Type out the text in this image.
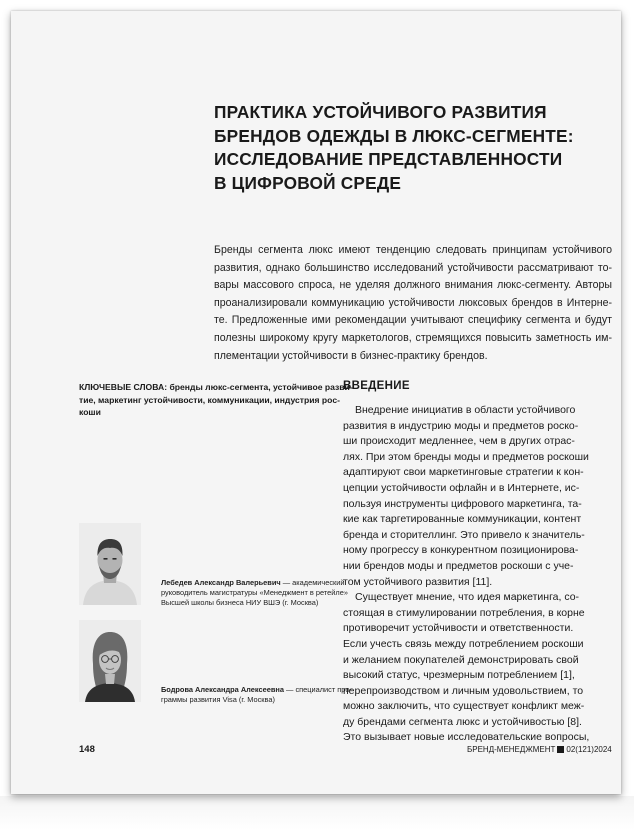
ПРАКТИКА УСТОЙЧИВОГО РАЗВИТИЯ
БРЕНДОВ ОДЕЖДЫ В ЛЮКС-СЕГМЕНТЕ:
ИССЛЕДОВАНИЕ ПРЕДСТАВЛЕННОСТИ
В ЦИФРОВОЙ СРЕДЕ
Бренды сегмента люкс имеют тенденцию следовать принципам устойчивого
развития, однако большинство исследований устойчивости рассматривают то-
вары массового спроса, не уделяя должного внимания люкс-сегменту. Авторы
проанализировали коммуникацию устойчивости люксовых брендов в Интерне-
те. Предложенные ими рекомендации учитывают специфику сегмента и будут
полезны широкому кругу маркетологов, стремящихся повысить заметность им-
плементации устойчивости в бизнес-практику брендов.
КЛЮЧЕВЫЕ СЛОВА: бренды люкс-сегмента, устойчивое разви-
тие, маркетинг устойчивости, коммуникации, индустрия рос-
коши
Лебедев Александр Валерьевич — академический
руководитель магистратуры «Менеджмент в ретейле»
Высшей школы бизнеса НИУ ВШЭ (г. Москва)
Бодрова Александра Алексеевна — специалист про-
граммы развития Visa (г. Москва)
ВВЕДЕНИЕ
Внедрение инициатив в области устойчивого
развития в индустрию моды и предметов роско-
ши происходит медленнее, чем в других отрас-
лях. При этом бренды моды и предметов роскоши
адаптируют свои маркетинговые стратегии к кон-
цепции устойчивости офлайн и в Интернете, ис-
пользуя инструменты цифрового маркетинга, та-
кие как таргетированные коммуникации, контент
бренда и сторителлинг. Это привело к значитель-
ному прогрессу в конкурентном позиционирова-
нии брендов моды и предметов роскоши с уче-
том устойчивого развития [11].
Существует мнение, что идея маркетинга, со-
стоящая в стимулировании потребления, в корне
противоречит устойчивости и ответственности.
Если учесть связь между потреблением роскоши
и желанием покупателей демонстрировать свой
высокий статус, чрезмерным потреблением [1],
перепроизводством и личным удовольствием, то
можно заключить, что существует конфликт меж-
ду брендами сегмента люкс и устойчивостью [8].
Это вызывает новые исследовательские вопросы,
148	БРЕНД-МЕНЕДЖМЕНТ 02(121)2024
